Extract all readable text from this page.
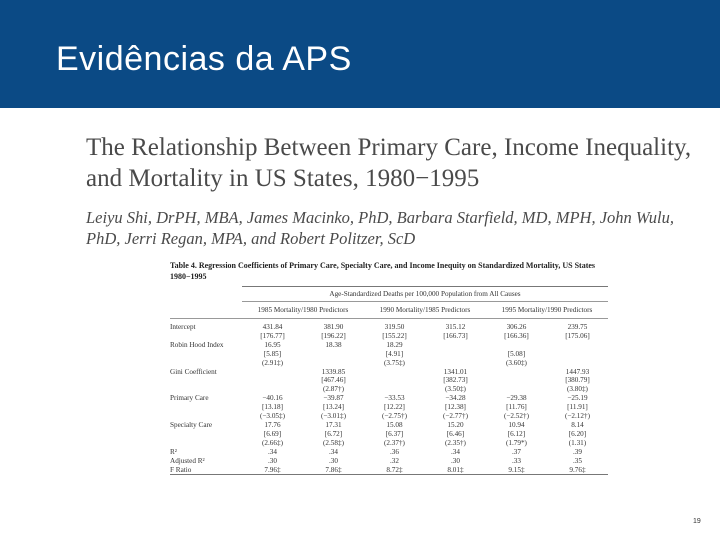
Evidências da APS
The Relationship Between Primary Care, Income Inequality, and Mortality in US States, 1980−1995
Leiyu Shi, DrPH, MBA, James Macinko, PhD, Barbara Starfield, MD, MPH, John Wulu, PhD, Jerri Regan, MPA, and Robert Politzer, ScD
Table 4. Regression Coefficients of Primary Care, Specialty Care, and Income Inequity on Standardized Mortality, US States 1980−1995
	Age-Standardized Deaths per 100,000 Population from All Causes					
	1985 Mortality/1980 Predictors		1990 Mortality/1985 Predictors		1995 Mortality/1990 Predictors	
Intercept	431.84	381.90	319.50	315.12	306.26	239.75
	[176.77]	[196.22]	[155.22]	[166.73]	[166.36]	[175.06]
Robin Hood Index	16.95	18.38	18.29			
	[5.85]		[4.91]		[5.08]	
	(2.91‡)		(3.75‡)		(3.60‡)	
Gini Coefficient		1339.85		1341.01		1447.93
		[467.46]		[382.73]		[380.79]
		(2.87†)		(3.50‡)		(3.80‡)
Primary Care	−40.16	−39.87	−33.53	−34.28	−29.38	−25.19
	[13.18]	[13.24]	[12.22]	[12.38]	[11.76]	[11.91]
	(−3.05‡)	(−3.01‡)	(−2.75†)	(−2.77†)	(−2.52†)	(−2.12†)
Specialty Care	17.76	17.31	15.08	15.20	10.94	8.14
	[6.69]	[6.72]	[6.37]	[6.46]	[6.12]	[6.20]
	(2.66‡)	(2.58‡)	(2.37†)	(2.35†)	(1.79*)	(1.31)
R²	.34	.34	.36	.34	.37	.39
Adjusted R²	.30	.30	.32	.30	.33	.35
F Ratio	7.96‡	7.86‡	8.72‡	8.01‡	9.15‡	9.76‡
19
